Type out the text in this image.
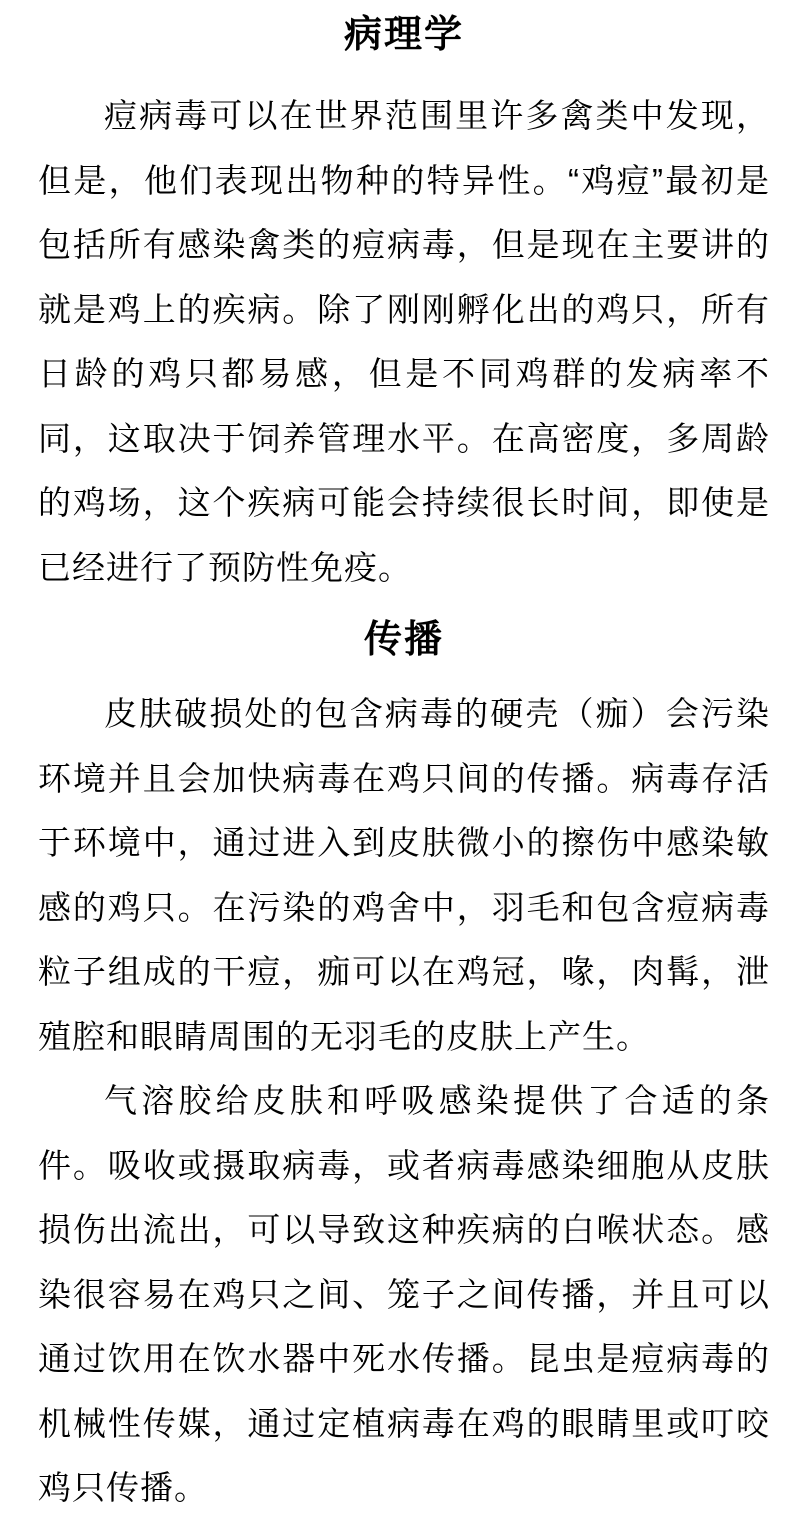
病理学

痘病毒可以在世界范围里许多禽类中发现，但是，他们表现出物种的特异性。“鸡痘”最初是包括所有感染禽类的痘病毒，但是现在主要讲的就是鸡上的疾病。除了刚刚孵化出的鸡只，所有日龄的鸡只都易感，但是不同鸡群的发病率不同，这取决于饲养管理水平。在高密度，多周龄的鸡场，这个疾病可能会持续很长时间，即使是已经进行了预防性免疫。

传播

皮肤破损处的包含病毒的硬壳（痂）会污染环境并且会加快病毒在鸡只间的传播。病毒存活于环境中，通过进入到皮肤微小的擦伤中感染敏感的鸡只。在污染的鸡舍中，羽毛和包含痘病毒粒子组成的干痘，痂可以在鸡冠，喙，肉髯，泄殖腔和眼睛周围的无羽毛的皮肤上产生。

气溶胶给皮肤和呼吸感染提供了合适的条件。吸收或摄取病毒，或者病毒感染细胞从皮肤损伤出流出，可以导致这种疾病的白喉状态。感染很容易在鸡只之间、笼子之间传播，并且可以通过饮用在饮水器中死水传播。昆虫是痘病毒的机械性传媒，通过定植病毒在鸡的眼睛里或叮咬鸡只传播。
